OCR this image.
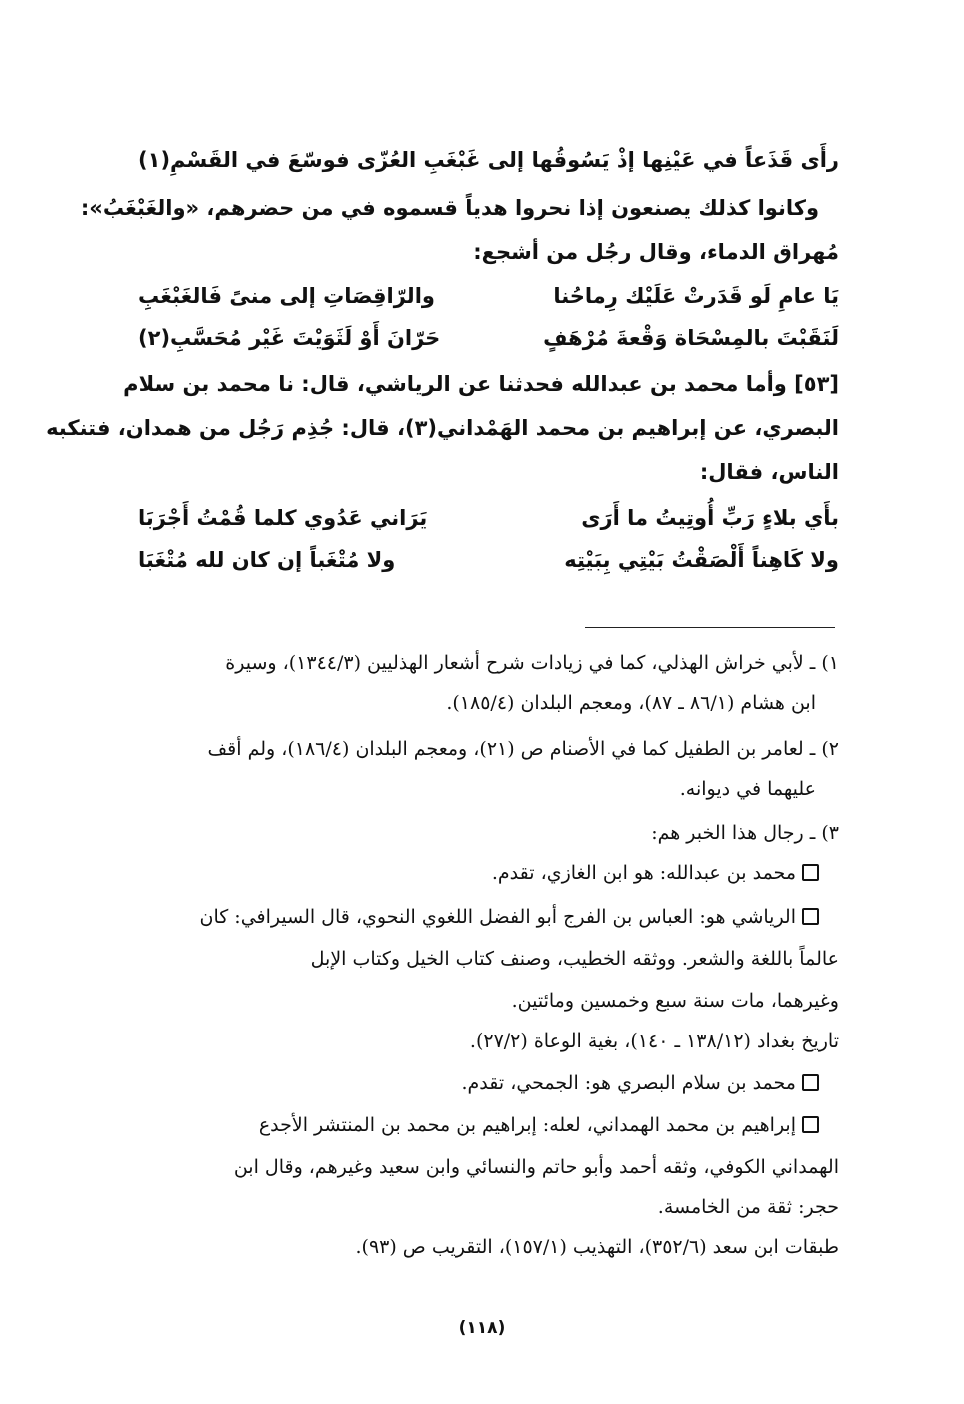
رأَى قَذَعاً في عَيْنِها إذْ يَسُوقُها
إلى غَبْغَبِ العُزّى فوسّعَ في القَسْمِ(١)
وكانوا كذلك يصنعون إذا نحروا هدياً قسموه في من حضرهم، «والغَبْغَبُ»:
مُهراق الدماء، وقال رجُل من أشجع:
يَا عامِ لَو قَدَرتْ عَلَيْك رِماحُنا
والرّاقِصَاتِ إلى منىً فَالغَبْغَبِ
لَنَقَبْتَ بالمِسْحَاة وَقْعةَ مُرْهَفٍ
حَرّانَ أَوْ لَثَوَيْتَ غَيْر مُحَسَّبِ(٢)
[٥٣] وأما محمد بن عبدالله فحدثنا عن الرياشي، قال: نا محمد بن سلام
البصري، عن إبراهيم بن محمد الهَمْداني(٣)، قال: جُذِم رَجُل من همدان، فتنكبه
الناس، فقال:
بأَي بلاءٍ رَبِّ أُوتِيتُ ما أَرَى
يَرَاني عَدُوي كلما قُمْتُ أَجْرَبَا
ولا كَاهِناً أَلْصَقْتُ بَيْتِي بِبَيْتِه
ولا مُتْغَباً إن كان لله مُتْغَبَا
١) ـ لأبي خراش الهذلي، كما في زيادات شرح أشعار الهذليين (١٣٤٤/٣)، وسيرة
ابن هشام (٨٦/١ ـ ٨٧)، ومعجم البلدان (١٨٥/٤).
٢) ـ لعامر بن الطفيل كما في الأصنام ص (٢١)، ومعجم البلدان (١٨٦/٤)، ولم أقف
عليهما في ديوانه.
٣) ـ رجال هذا الخبر هم:
محمد بن عبدالله: هو ابن الغازي، تقدم.
الرياشي هو: العباس بن الفرج أبو الفضل اللغوي النحوي، قال السيرافي: كان
عالماً باللغة والشعر. ووثقه الخطيب، وصنف كتاب الخيل وكتاب الإبل
وغيرهما، مات سنة سبع وخمسين ومائتين.
تاريخ بغداد (١٣٨/١٢ ـ ١٤٠)، بغية الوعاة (٢٧/٢).
محمد بن سلام البصري هو: الجمحي، تقدم.
إبراهيم بن محمد الهمداني، لعله: إبراهيم بن محمد بن المنتشر الأجدع
الهمداني الكوفي، وثقه أحمد وأبو حاتم والنسائي وابن سعيد وغيرهم، وقال ابن
حجر: ثقة من الخامسة.
طبقات ابن سعد (٣٥٢/٦)، التهذيب (١٥٧/١)، التقريب ص (٩٣).
(١١٨)
